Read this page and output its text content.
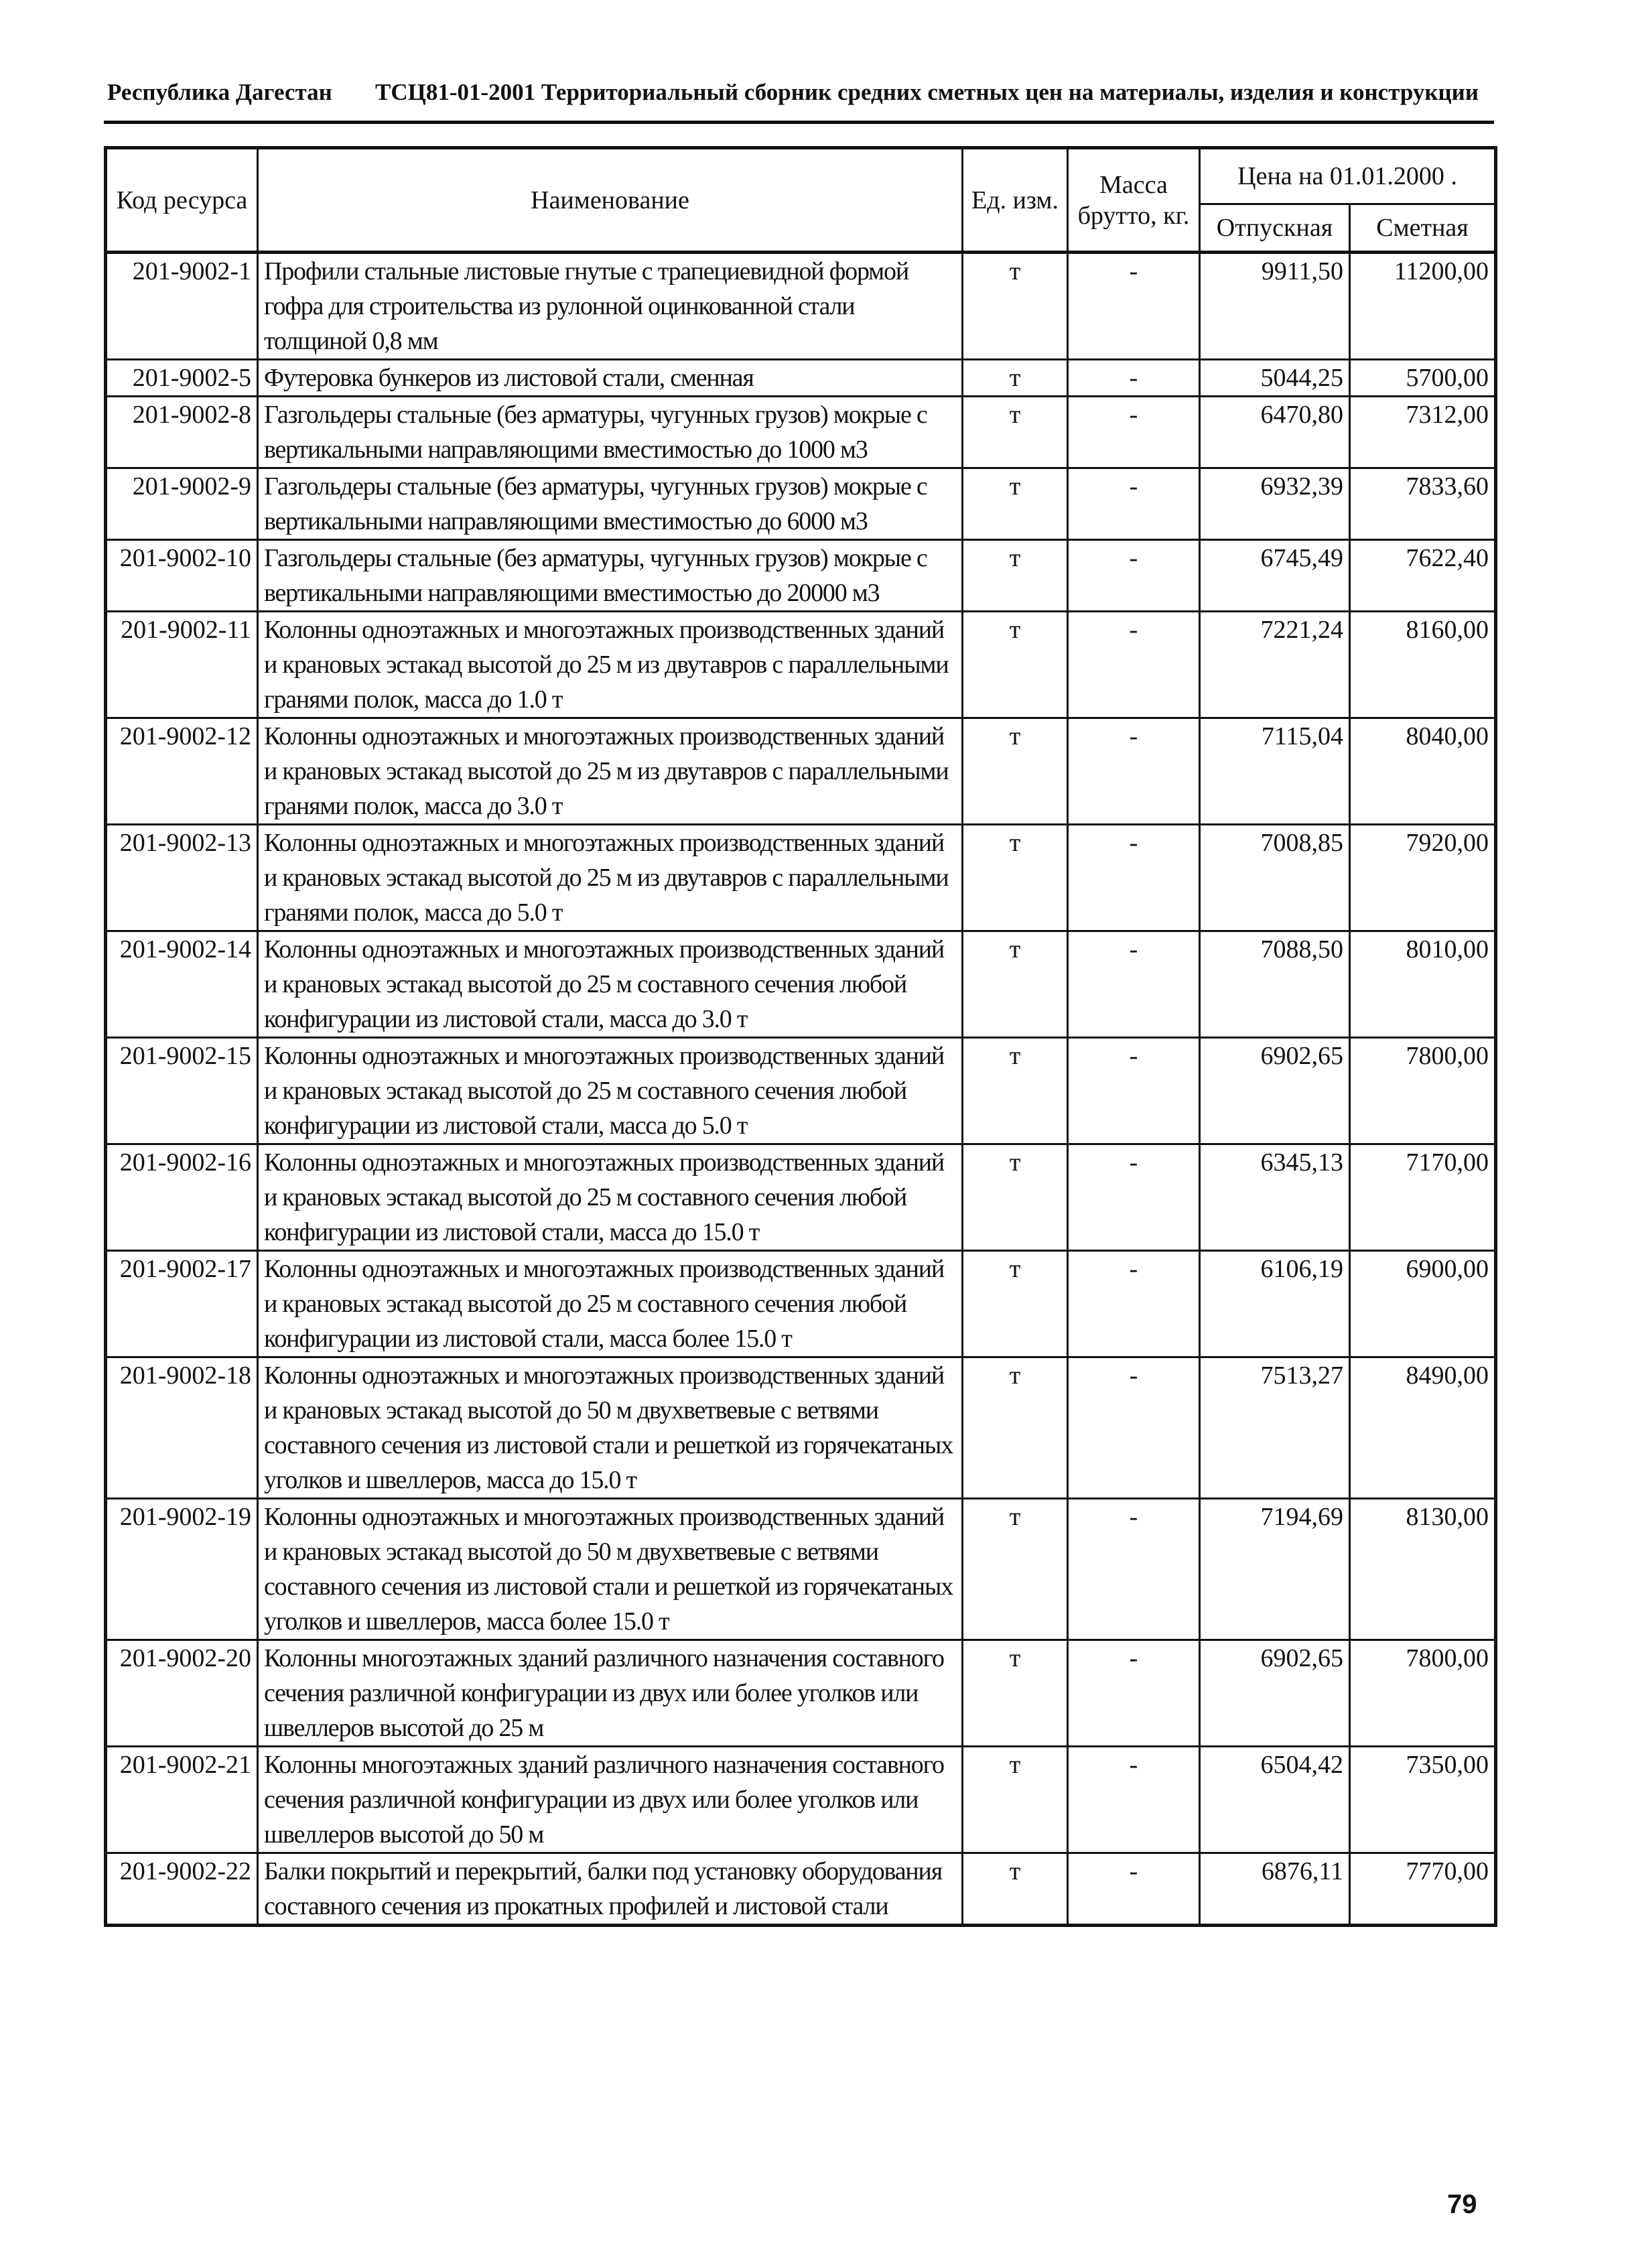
Республика Дагестан ТСЦ81-01-2001 Территориальный сборник средних сметных цен на материалы, изделия и конструкции
Код ресурса	Наименование	Ед. изм.	Масса брутто, кг.	Цена на 01.01.2000 .	
				Отпускная	Сметная
201-9002-1	Профили стальные листовые гнутые с трапециевидной формой гофра для строительства из рулонной оцинкованной стали толщиной 0,8 мм	т	-	9911,50	11200,00
201-9002-5	Футеровка бункеров из листовой стали, сменная	т	-	5044,25	5700,00
201-9002-8	Газгольдеры стальные (без арматуры, чугунных грузов) мокрые с вертикальными направляющими вместимостью до 1000 м3	т	-	6470,80	7312,00
201-9002-9	Газгольдеры стальные (без арматуры, чугунных грузов) мокрые с вертикальными направляющими вместимостью до 6000 м3	т	-	6932,39	7833,60
201-9002-10	Газгольдеры стальные (без арматуры, чугунных грузов) мокрые с вертикальными направляющими вместимостью до 20000 м3	т	-	6745,49	7622,40
201-9002-11	Колонны одноэтажных и многоэтажных производственных зданий и крановых эстакад высотой до 25 м из двутавров с параллельными гранями полок, масса до 1.0 т	т	-	7221,24	8160,00
201-9002-12	Колонны одноэтажных и многоэтажных производственных зданий и крановых эстакад высотой до 25 м из двутавров с параллельными гранями полок, масса до 3.0 т	т	-	7115,04	8040,00
201-9002-13	Колонны одноэтажных и многоэтажных производственных зданий и крановых эстакад высотой до 25 м из двутавров с параллельными гранями полок, масса до 5.0 т	т	-	7008,85	7920,00
201-9002-14	Колонны одноэтажных и многоэтажных производственных зданий и крановых эстакад высотой до 25 м составного сечения любой конфигурации из листовой стали, масса до 3.0 т	т	-	7088,50	8010,00
201-9002-15	Колонны одноэтажных и многоэтажных производственных зданий и крановых эстакад высотой до 25 м составного сечения любой конфигурации из листовой стали, масса до 5.0 т	т	-	6902,65	7800,00
201-9002-16	Колонны одноэтажных и многоэтажных производственных зданий и крановых эстакад высотой до 25 м составного сечения любой конфигурации из листовой стали, масса до 15.0 т	т	-	6345,13	7170,00
201-9002-17	Колонны одноэтажных и многоэтажных производственных зданий и крановых эстакад высотой до 25 м составного сечения любой конфигурации из листовой стали, масса более 15.0 т	т	-	6106,19	6900,00
201-9002-18	Колонны одноэтажных и многоэтажных производственных зданий и крановых эстакад высотой до 50 м двухветвевые с ветвями составного сечения из листовой стали и решеткой из горячекатаных уголков и швеллеров, масса до 15.0 т	т	-	7513,27	8490,00
201-9002-19	Колонны одноэтажных и многоэтажных производственных зданий и крановых эстакад высотой до 50 м двухветвевые с ветвями составного сечения из листовой стали и решеткой из горячекатаных уголков и швеллеров, масса более 15.0 т	т	-	7194,69	8130,00
201-9002-20	Колонны многоэтажных зданий различного назначения составного сечения различной конфигурации из двух или более уголков или швеллеров высотой до 25 м	т	-	6902,65	7800,00
201-9002-21	Колонны многоэтажных зданий различного назначения составного сечения различной конфигурации из двух или более уголков или швеллеров высотой до 50 м	т	-	6504,42	7350,00
201-9002-22	Балки покрытий и перекрытий, балки под установку оборудования составного сечения из прокатных профилей и листовой стали	т	-	6876,11	7770,00
79
